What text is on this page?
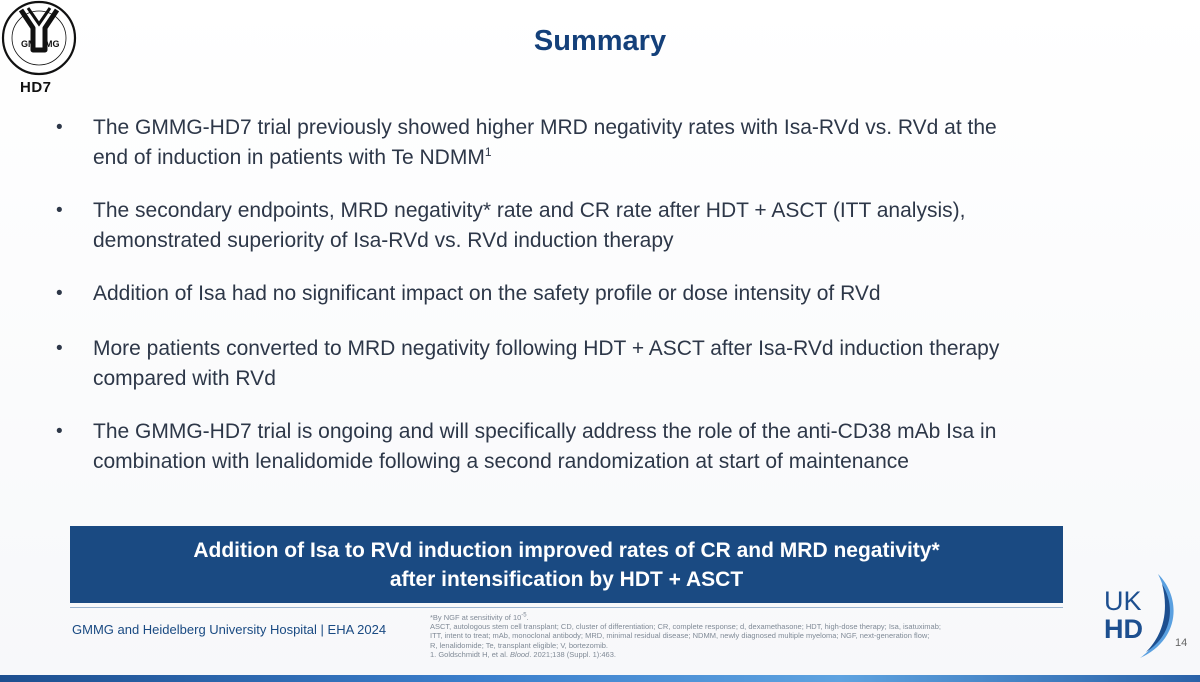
GM MG
HD7
Summary
• The GMMG-HD7 trial previously showed higher MRD negativity rates with Isa-RVd vs. RVd at the
end of induction in patients with Te NDMM$^1$
• The secondary endpoints, MRD negativity* rate and CR rate after HDT + ASCT (ITT analysis),
demonstrated superiority of Isa-RVd vs. RVd induction therapy
• Addition of Isa had no significant impact on the safety profile or dose intensity of RVd
• More patients converted to MRD negativity following HDT + ASCT after Isa-RVd induction therapy
compared with RVd
• The GMMG-HD7 trial is ongoing and will specifically address the role of the anti-CD38 mAb Isa in
combination with lenalidomide following a second randomization at start of maintenance
Addition of Isa to RVd induction improved rates of CR and MRD negativity*
after intensification by HDT + ASCT
GMMG and Heidelberg University Hospital | EHA 2024
*By NGF at sensitivity of $10^{-5}$.
ASCT, autologous stem cell transplant; CD, cluster of differentiation; CR, complete response; d, dexamethasone; HDT, high-dose therapy; Isa, isatuximab;
ITT, intent to treat; mAb, monoclonal antibody; MRD, minimal residual disease; NDMM, newly diagnosed multiple myeloma; NGF, next-generation flow;
R, lenalidomide; Te, transplant eligible; V, bortezomib.
1. Goldschmidt H, et al. Blood. 2021;138 (Suppl. 1):463.
UK
HD	14
